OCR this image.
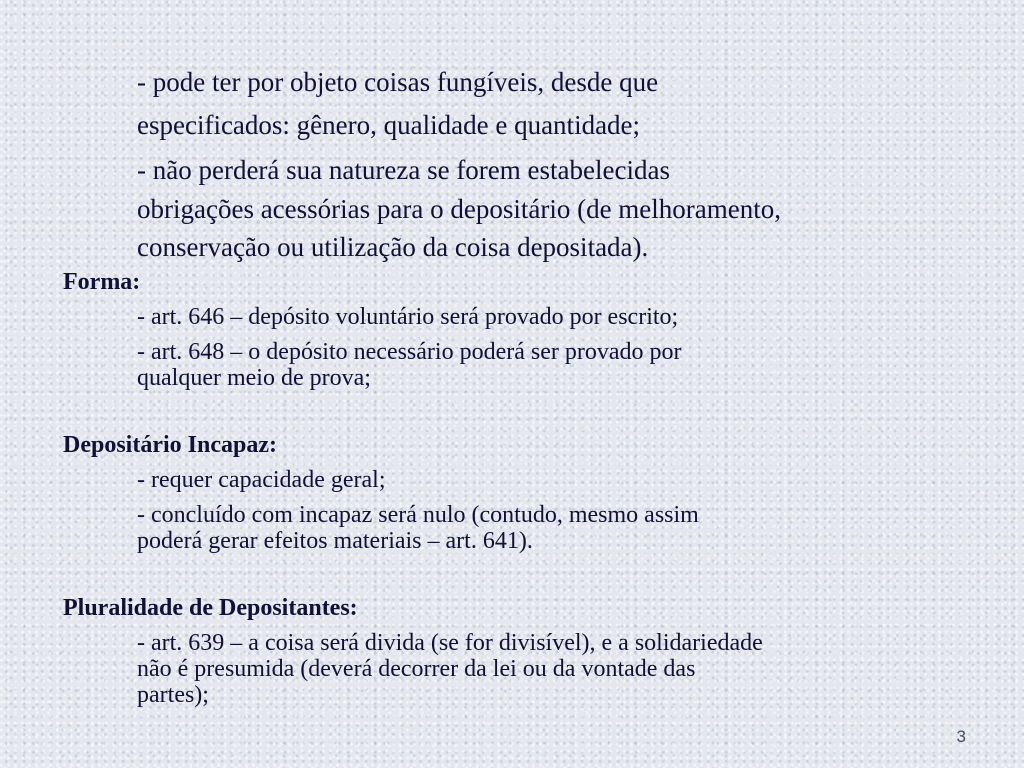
- pode ter por objeto coisas fungíveis, desde que

especificados: gênero, qualidade e quantidade;

- não perderá sua natureza se forem estabelecidas

obrigações acessórias para o depositário (de melhoramento,

conservação ou utilização da coisa depositada).

Forma:

- art. 646 – depósito voluntário será provado por escrito;

- art. 648 – o depósito necessário poderá ser provado por

qualquer meio de prova;

Depositário Incapaz:

- requer capacidade geral;

- concluído com incapaz será nulo (contudo, mesmo assim

poderá gerar efeitos materiais – art. 641).

Pluralidade de Depositantes:

- art. 639 – a coisa será divida (se for divisível), e a solidariedade

não é presumida (deverá decorrer da lei ou da vontade das

partes);

3
